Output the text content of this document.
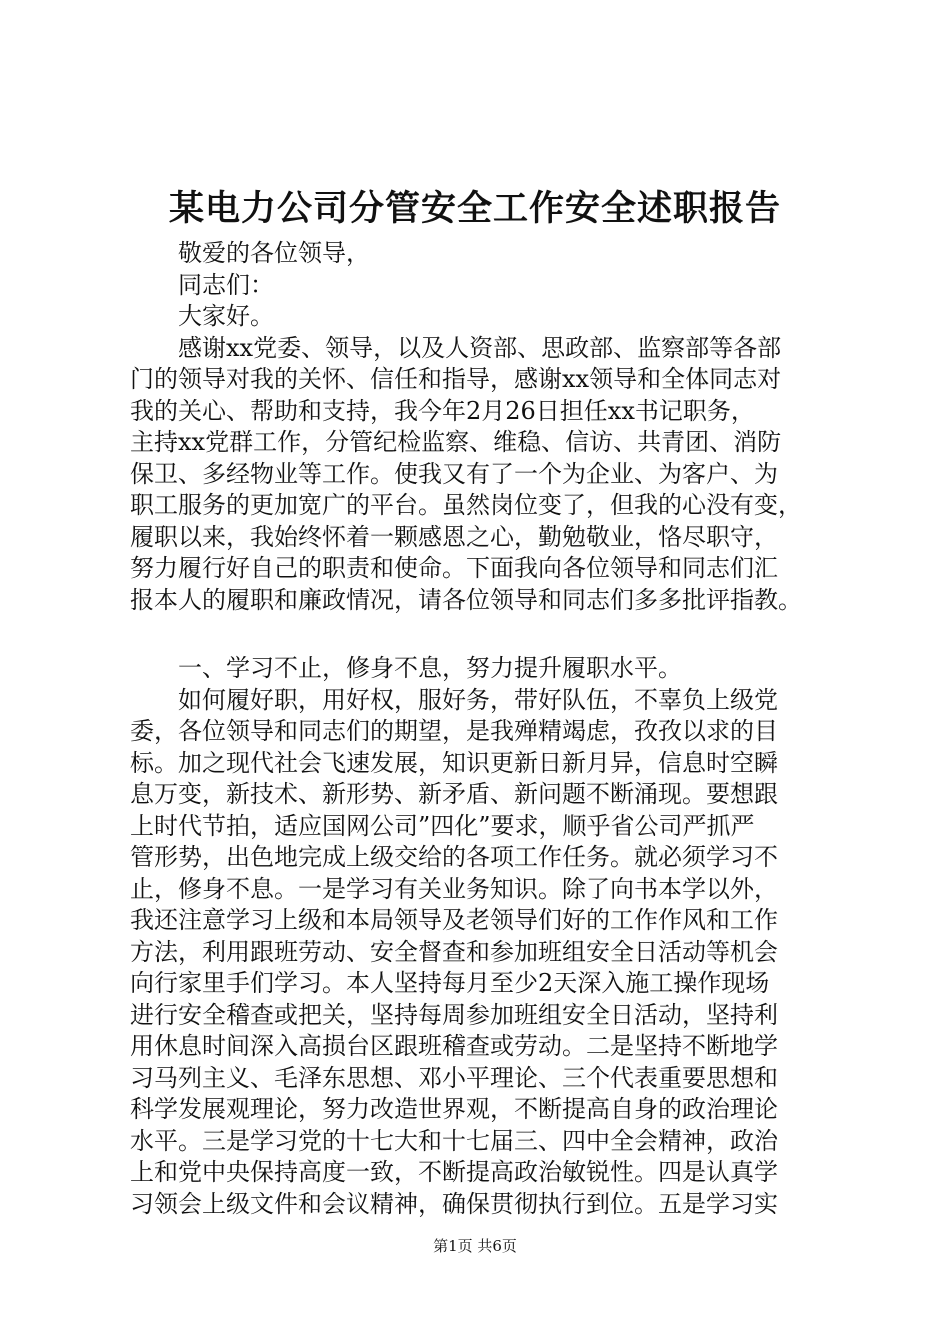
某电力公司分管安全工作安全述职报告
敬爱的各位领导，
同志们：
大家好。
感谢xx党委、领导，以及人资部、思政部、监察部等各部
门的领导对我的关怀、信任和指导，感谢xx领导和全体同志对
我的关心、帮助和支持，我今年2月26日担任xx书记职务，
主持xx党群工作，分管纪检监察、维稳、信访、共青团、消防
保卫、多经物业等工作。使我又有了一个为企业、为客户、为
职工服务的更加宽广的平台。虽然岗位变了，但我的心没有变，
履职以来，我始终怀着一颗感恩之心，勤勉敬业，恪尽职守，
努力履行好自己的职责和使命。下面我向各位领导和同志们汇
报本人的履职和廉政情况，请各位领导和同志们多多批评指教。
一、学习不止，修身不息，努力提升履职水平。
如何履好职，用好权，服好务，带好队伍，不辜负上级党
委，各位领导和同志们的期望，是我殚精竭虑，孜孜以求的目
标。加之现代社会飞速发展，知识更新日新月异，信息时空瞬
息万变，新技术、新形势、新矛盾、新问题不断涌现。要想跟
上时代节拍，适应国网公司”四化”要求，顺乎省公司严抓严
管形势，出色地完成上级交给的各项工作任务。就必须学习不
止，修身不息。一是学习有关业务知识。除了向书本学以外，
我还注意学习上级和本局领导及老领导们好的工作作风和工作
方法，利用跟班劳动、安全督查和参加班组安全日活动等机会
向行家里手们学习。本人坚持每月至少2天深入施工操作现场
进行安全稽查或把关，坚持每周参加班组安全日活动，坚持利
用休息时间深入高损台区跟班稽查或劳动。二是坚持不断地学
习马列主义、毛泽东思想、邓小平理论、三个代表重要思想和
科学发展观理论，努力改造世界观，不断提高自身的政治理论
水平。三是学习党的十七大和十七届三、四中全会精神，政治
上和党中央保持高度一致，不断提高政治敏锐性。四是认真学
习领会上级文件和会议精神，确保贯彻执行到位。五是学习实
第1页 共6页
